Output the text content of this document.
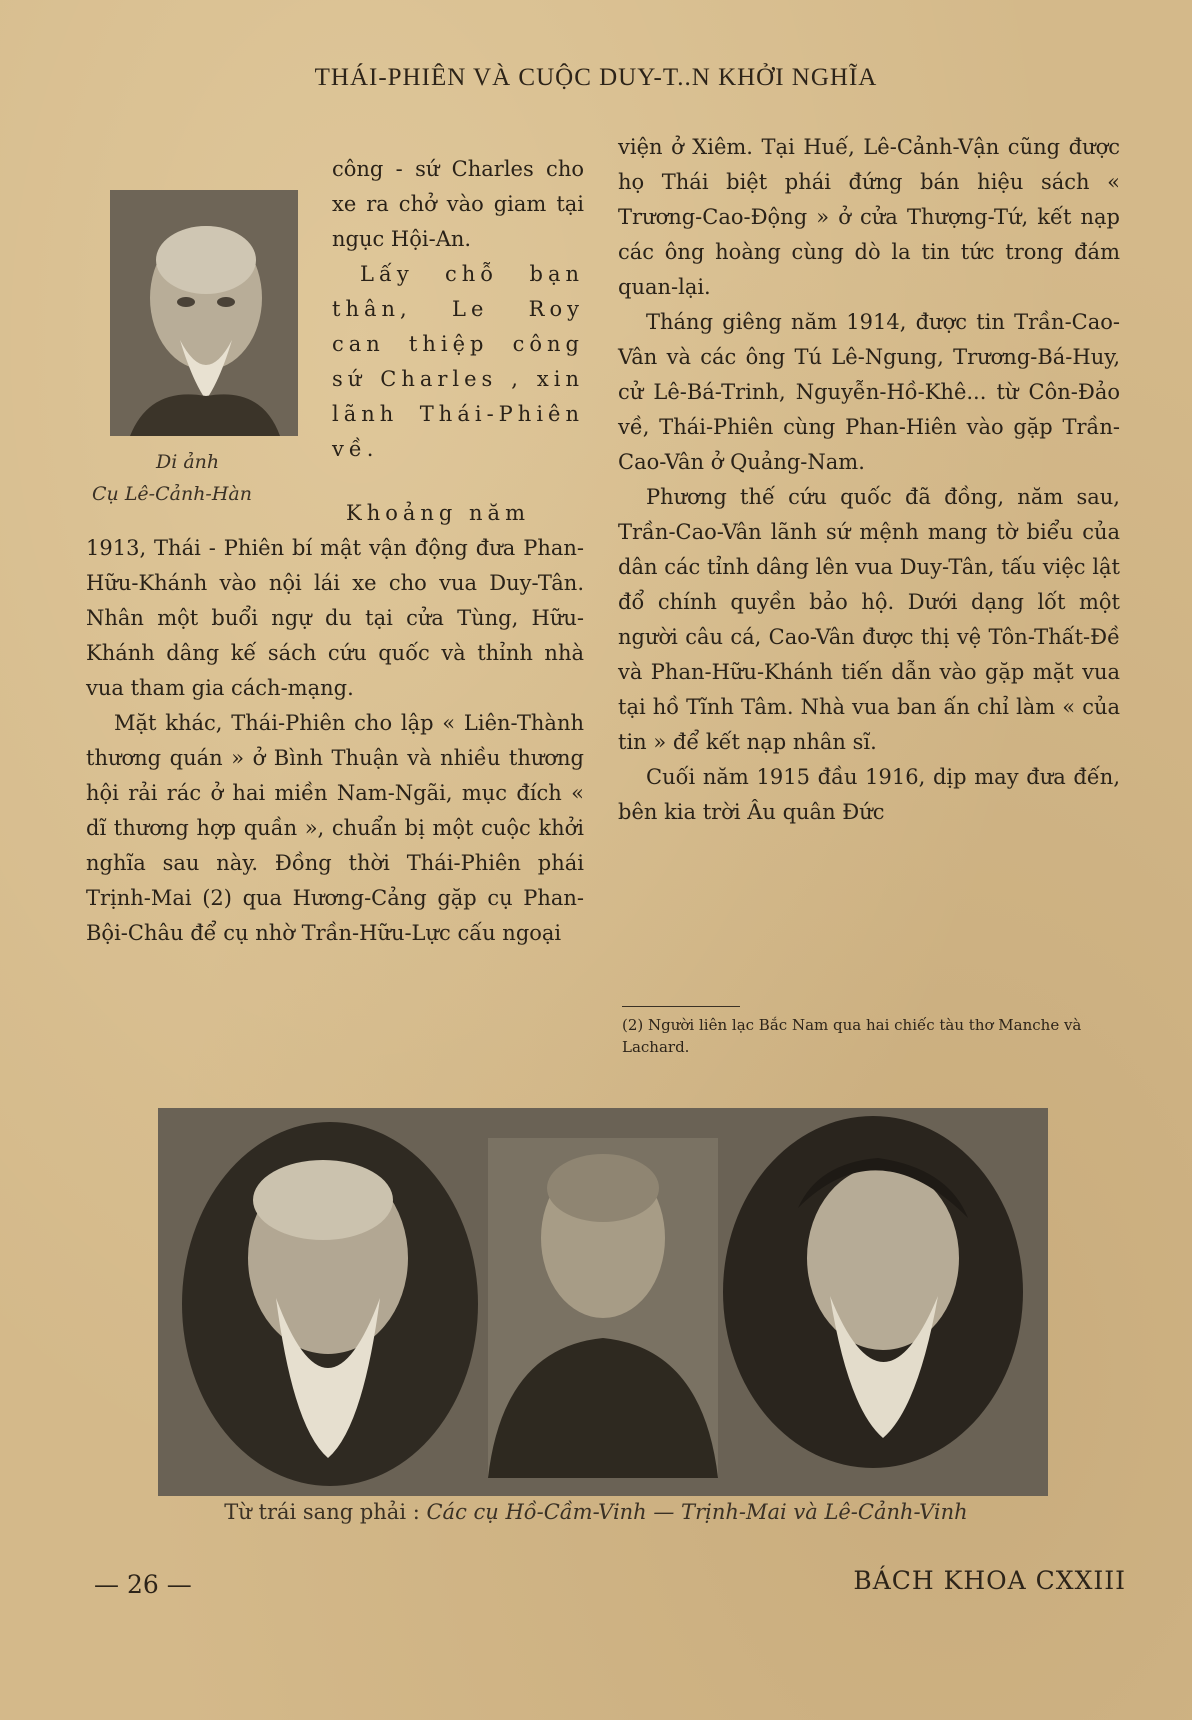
THÁI-PHIÊN VÀ CUỘC DUY-T..N KHỞI NGHĨA
Di ảnh
Cụ Lê-Cảnh-Hàn

công - sứ Charles cho xe ra chở vào giam tại ngục Hội-An.

Lấy chỗ bạn thân, Le Roy can thiệp công sứ Charles , xin lãnh Thái-Phiên về.

Khoảng năm

1913, Thái - Phiên bí mật vận động đưa Phan-Hữu-Khánh vào nội lái xe cho vua Duy-Tân. Nhân một buổi ngự du tại cửa Tùng, Hữu-Khánh dâng kế sách cứu quốc và thỉnh nhà vua tham gia cách-mạng.

Mặt khác, Thái-Phiên cho lập « Liên-Thành thương quán » ở Bình Thuận và nhiều thương hội rải rác ở hai miền Nam-Ngãi, mục đích « dĩ thương hợp quần », chuẩn bị một cuộc khởi nghĩa sau này. Đồng thời Thái-Phiên phái Trịnh-Mai (2) qua Hương-Cảng gặp cụ Phan-Bội-Châu để cụ nhờ Trần-Hữu-Lực cấu ngoại

viện ở Xiêm. Tại Huế, Lê-Cảnh-Vận cũng được họ Thái biệt phái đứng bán hiệu sách « Trương-Cao-Động » ở cửa Thượng-Tứ, kết nạp các ông hoàng cùng dò la tin tức trong đám quan-lại.

Tháng giêng năm 1914, được tin Trần-Cao-Vân và các ông Tú Lê-Ngung, Trương-Bá-Huy, cử Lê-Bá-Trinh, Nguyễn-Hồ-Khê... từ Côn-Đảo về, Thái-Phiên cùng Phan-Hiên vào gặp Trần-Cao-Vân ở Quảng-Nam.

Phương thế cứu quốc đã đồng, năm sau, Trần-Cao-Vân lãnh sứ mệnh mang tờ biểu của dân các tỉnh dâng lên vua Duy-Tân, tấu việc lật đổ chính quyền bảo hộ. Dưới dạng lốt một người câu cá, Cao-Vân được thị vệ Tôn-Thất-Đề và Phan-Hữu-Khánh tiến dẫn vào gặp mặt vua tại hồ Tĩnh Tâm. Nhà vua ban ấn chỉ làm « của tin » để kết nạp nhân sĩ.

Cuối năm 1915 đầu 1916, dịp may đưa đến, bên kia trời Âu quân Đức

(2) Người liên lạc Bắc Nam qua hai chiếc tàu thơ Manche và Lachard.
Từ trái sang phải : Các cụ Hồ-Cầm-Vinh — Trịnh-Mai và Lê-Cảnh-Vinh
— 26 —	BÁCH KHOA CXXIII
